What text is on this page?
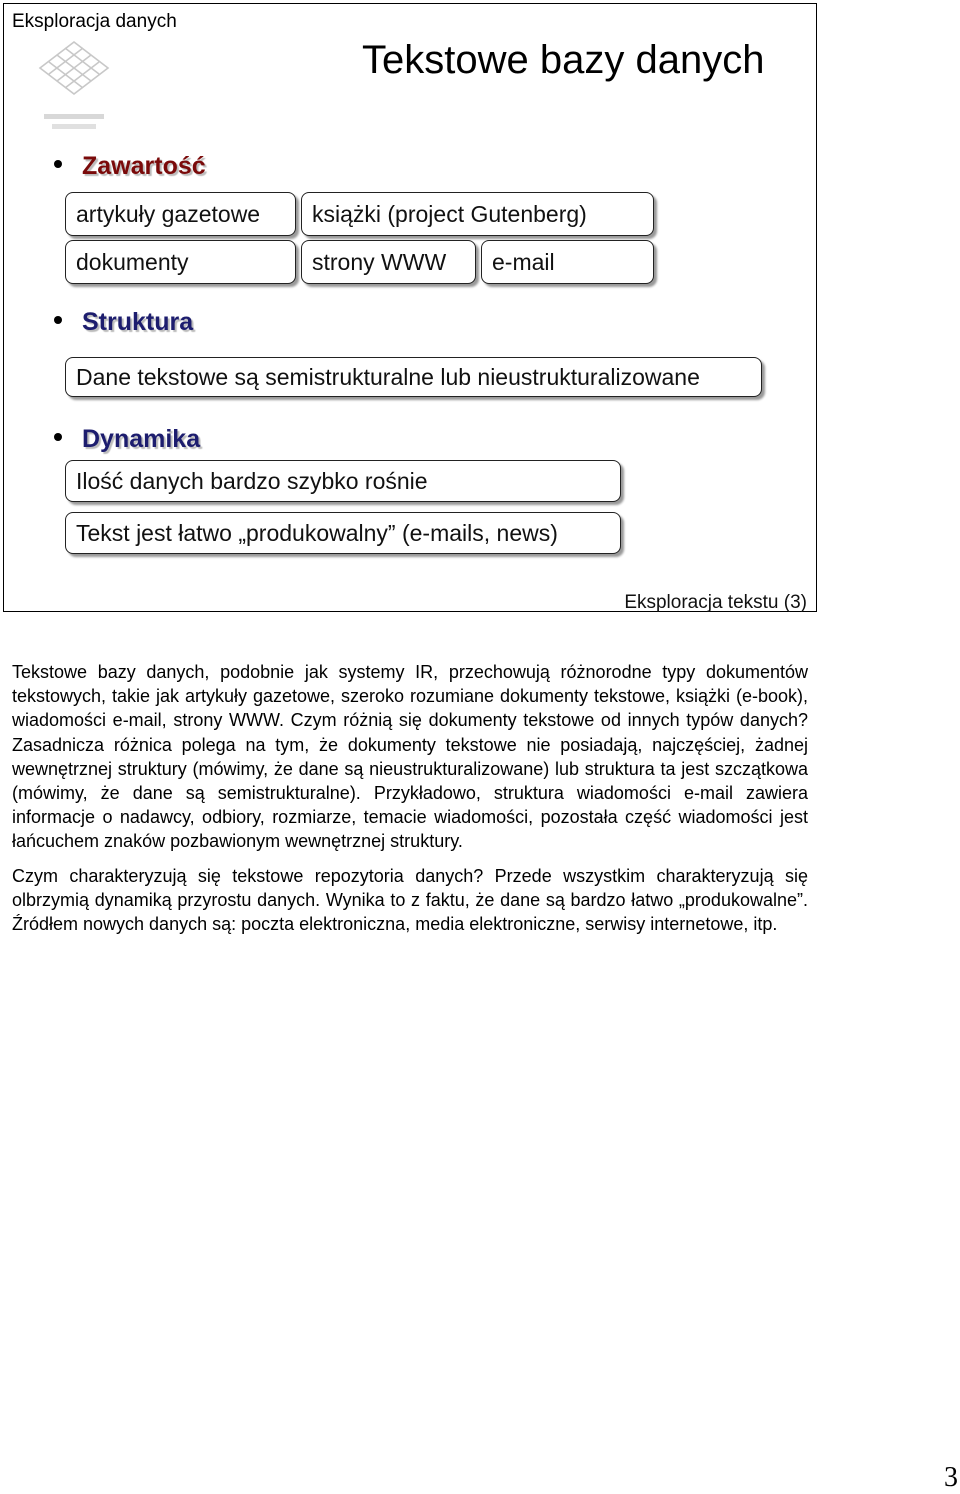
Eksploracja danych
Tekstowe bazy danych
Zawartość
artykuły gazetowe	książki (project Gutenberg)
dokumenty	strony WWW	e-mail
Struktura
Dane tekstowe są semistrukturalne lub nieustrukturalizowane
Dynamika
Ilość danych bardzo szybko rośnie
Tekst jest łatwo „produkowalny” (e-mails, news)
Eksploracja tekstu (3)

Tekstowe bazy danych, podobnie jak systemy IR, przechowują różnorodne typy dokumentów tekstowych, takie jak artykuły gazetowe, szeroko rozumiane dokumenty tekstowe, książki (e-book), wiadomości e-mail, strony WWW. Czym różnią się dokumenty tekstowe od innych typów danych? Zasadnicza różnica polega na tym, że dokumenty tekstowe nie posiadają, najczęściej, żadnej wewnętrznej struktury (mówimy, że dane są nieustrukturalizowane) lub struktura ta jest szczątkowa (mówimy, że dane są semistrukturalne). Przykładowo, struktura wiadomości e-mail zawiera informacje o nadawcy, odbiory, rozmiarze, temacie wiadomości, pozostała część wiadomości jest łańcuchem znaków pozbawionym wewnętrznej struktury.

Czym charakteryzują się tekstowe repozytoria danych? Przede wszystkim charakteryzują się olbrzymią dynamiką przyrostu danych. Wynika to z faktu, że dane są bardzo łatwo „produkowalne”. Źródłem nowych danych są: poczta elektroniczna, media elektroniczne, serwisy internetowe, itp.

3
